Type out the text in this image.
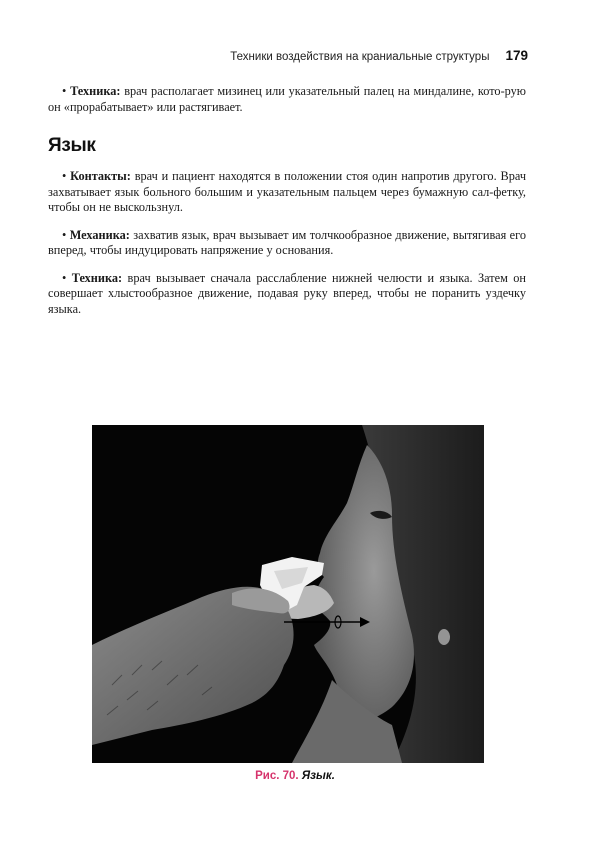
Техники воздействия на краниальные структуры 179

• Техника: врач располагает мизинец или указательный палец на миндалине, кото-рую он «прорабатывает» или растягивает.

Язык

• Контакты: врач и пациент находятся в положении стоя один напротив другого. Врач захватывает язык больного большим и указательным пальцем через бумажную сал-фетку, чтобы он не выскользнул.

• Механика: захватив язык, врач вызывает им толчкообразное движение, вытягивая его вперед, чтобы индуцировать напряжение у основания.

• Техника: врач вызывает сначала расслабление нижней челюсти и языка. Затем он совершает хлыстообразное движение, подавая руку вперед, чтобы не поранить уздечку языка.

Рис. 70. Язык.
